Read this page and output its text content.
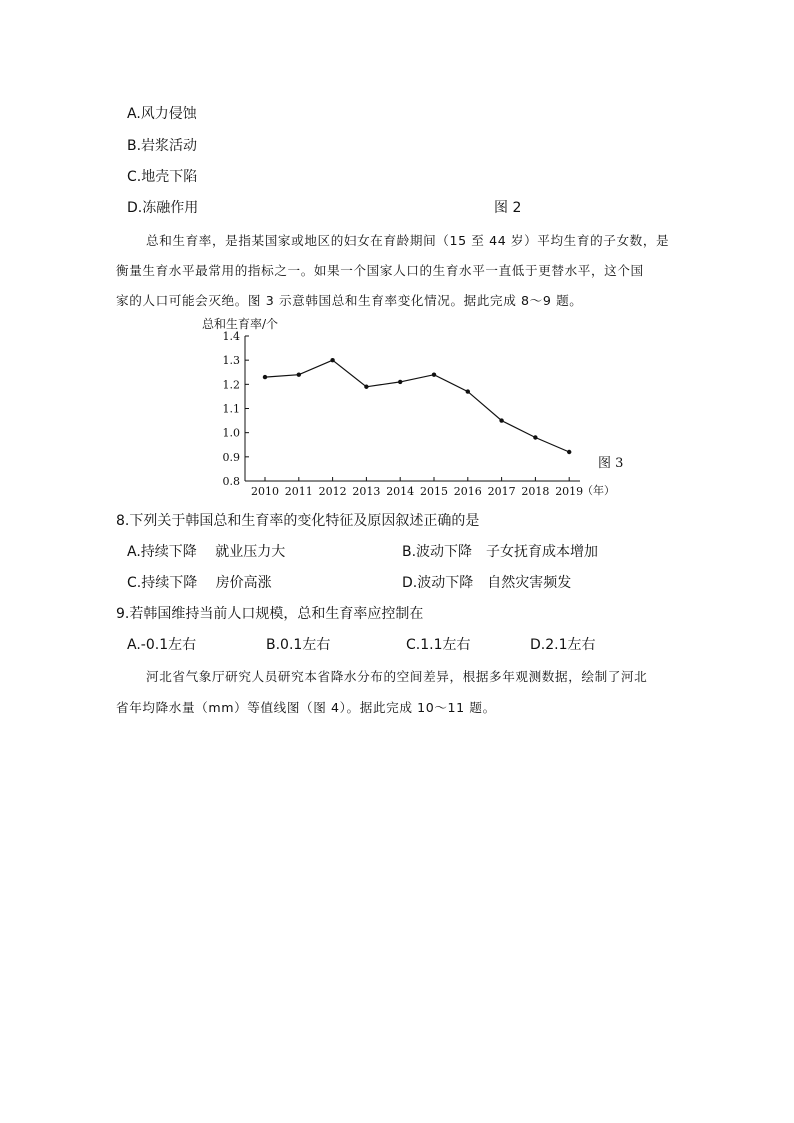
A.风力侵蚀
B.岩浆活动
C.地壳下陷
D.冻融作用	图 2
总和生育率，是指某国家或地区的妇女在育龄期间（15 至 44 岁）平均生育的子女数，是
衡量生育水平最常用的指标之一。如果一个国家人口的生育水平一直低于更替水平，这个国
家的人口可能会灭绝。图 3 示意韩国总和生育率变化情况。据此完成 8～9 题。
总和生育率/个
0.8
0.9
1.0
1.1
1.2
1.3
1.4
2010 2011 2012 2013 2014 2015 2016 2017 2018 2019
（年）
图 3
8.下列关于韩国总和生育率的变化特征及原因叙述正确的是
A.持续下降　 就业压力大	B.波动下降　子女抚育成本增加
C.持续下降　 房价高涨	D.波动下降　自然灾害频发
9.若韩国维持当前人口规模，总和生育率应控制在
A.-0.1左右	B.0.1左右	C.1.1左右	D.2.1左右
河北省气象厅研究人员研究本省降水分布的空间差异，根据多年观测数据，绘制了河北
省年均降水量（mm）等值线图（图 4）。据此完成 10～11 题。
